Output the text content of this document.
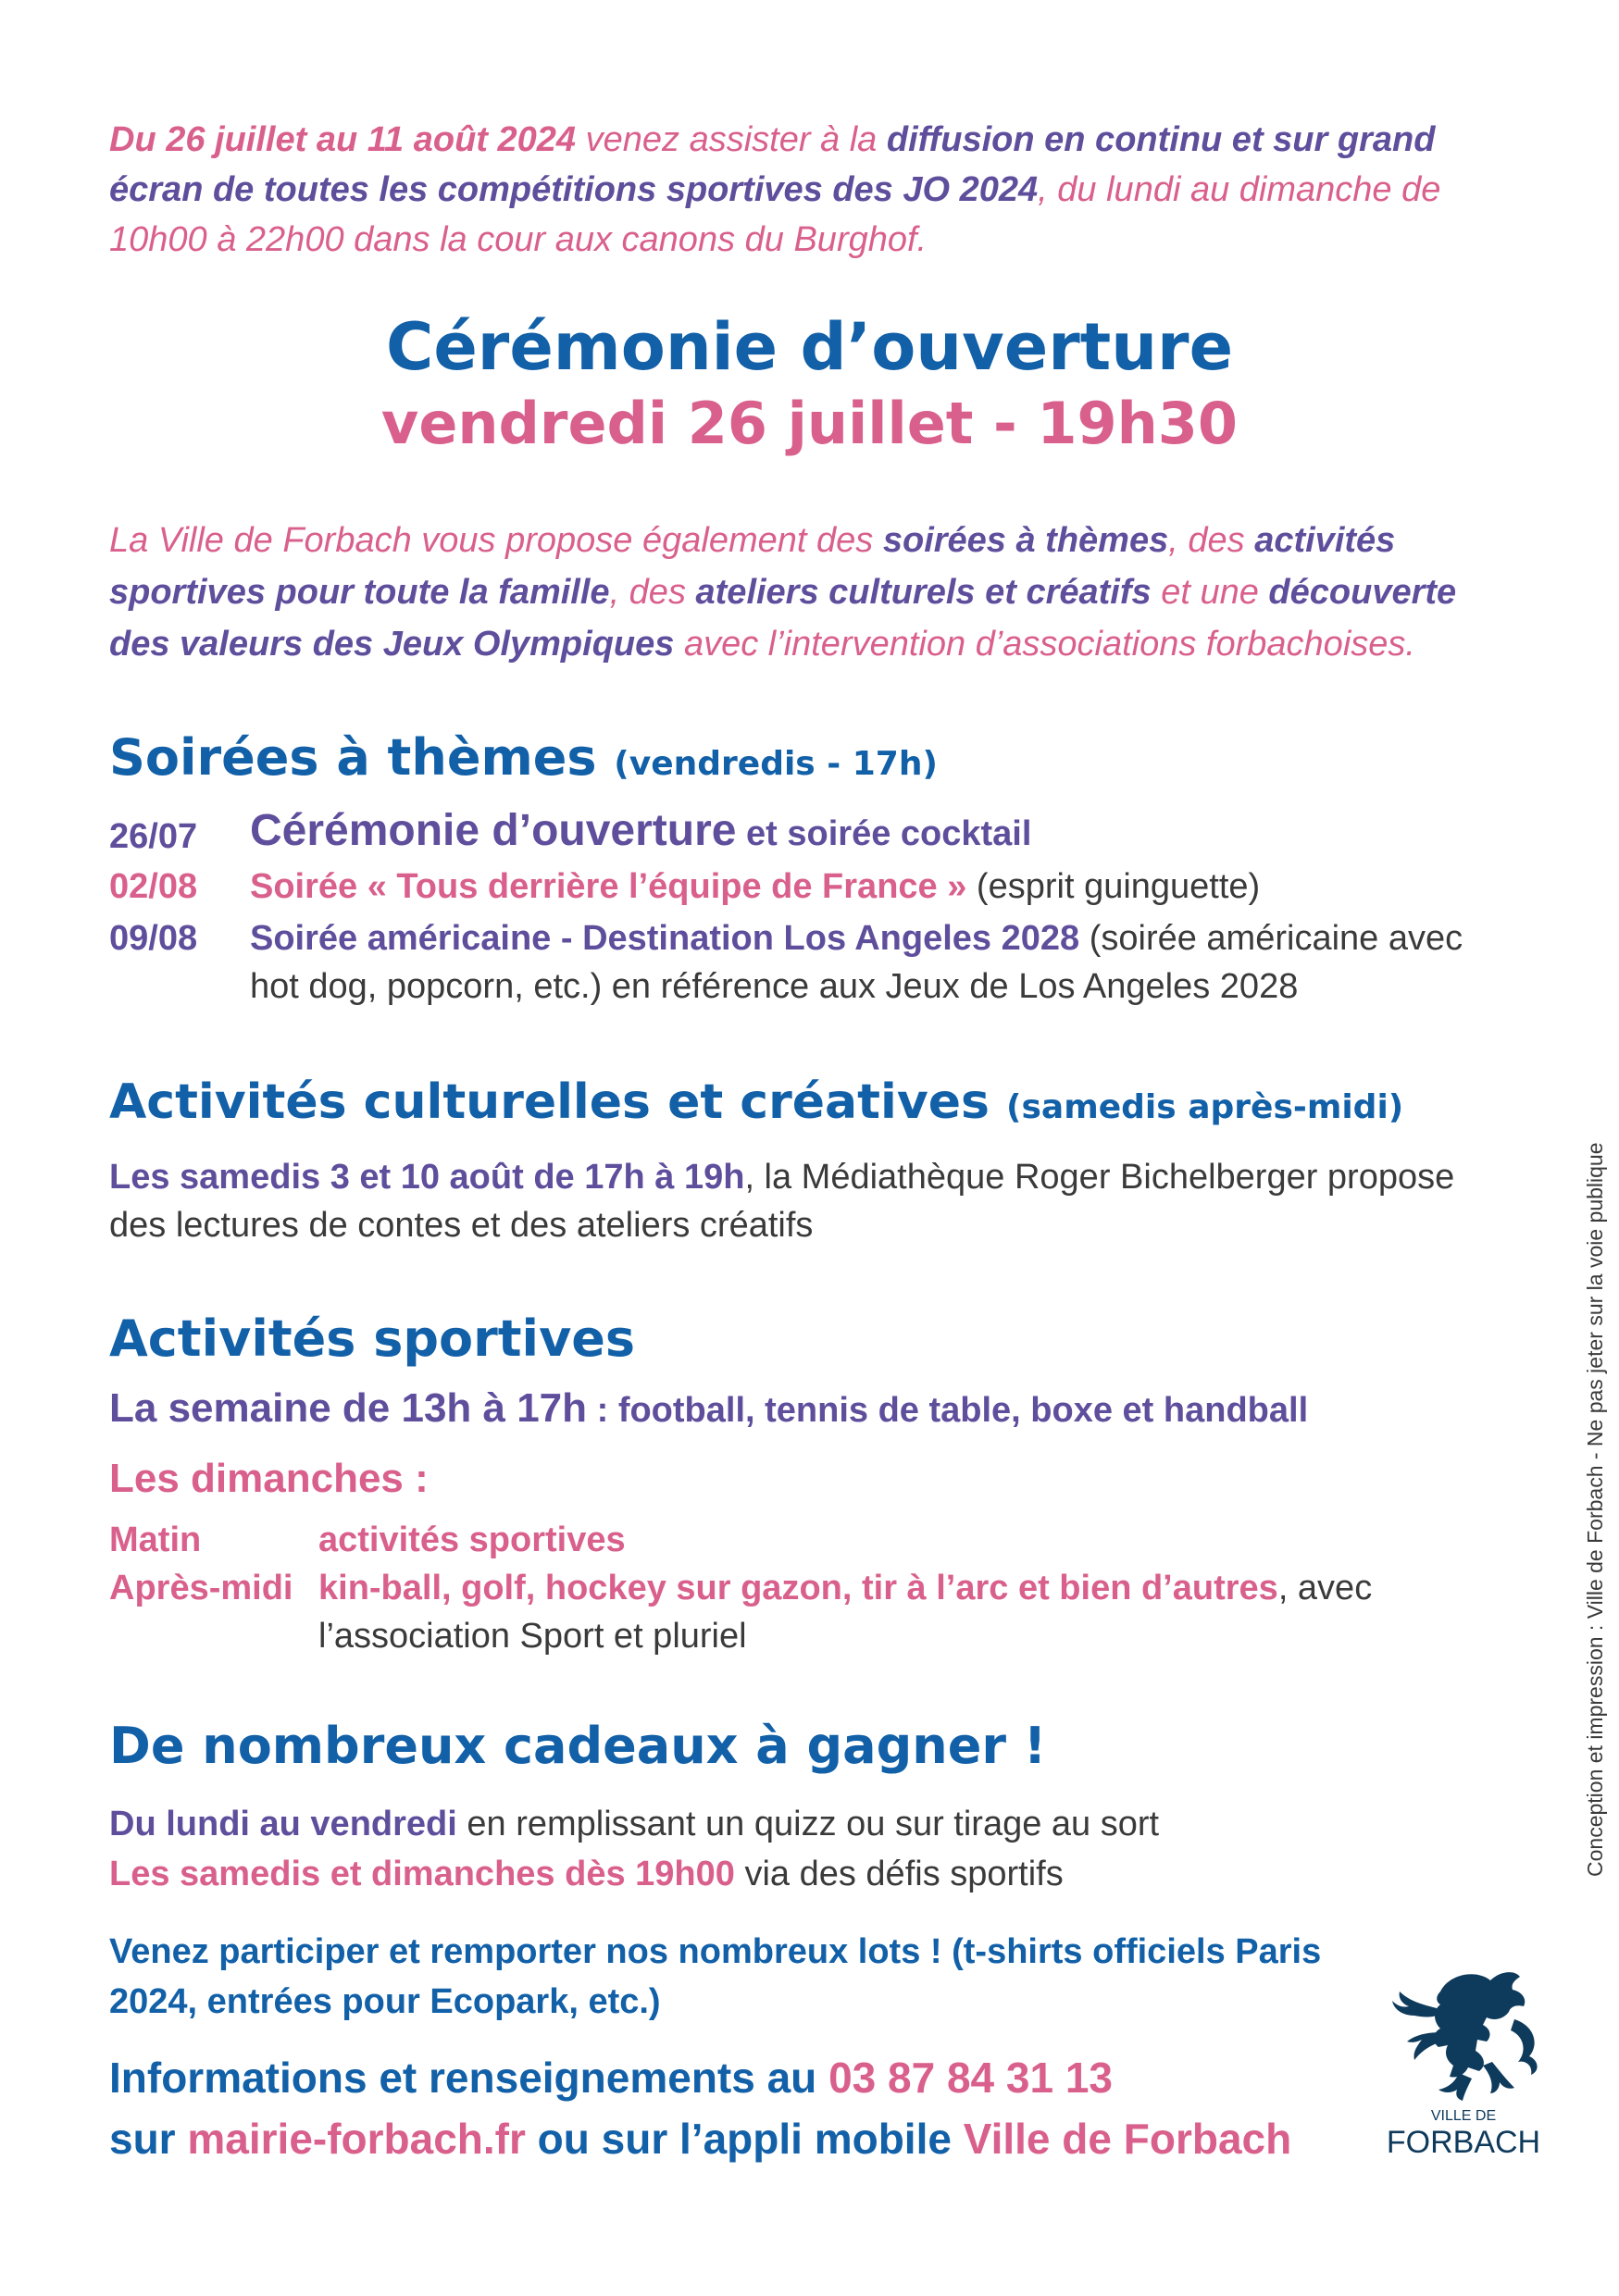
Du 26 juillet au 11 août 2024 venez assister à la diffusion en continu et sur grand écran de toutes les compétitions sportives des JO 2024, du lundi au dimanche de 10h00 à 22h00 dans la cour aux canons du Burghof.

Cérémonie d’ouverture
vendredi 26 juillet - 19h30

La Ville de Forbach vous propose également des soirées à thèmes, des activités sportives pour toute la famille, des ateliers culturels et créatifs et une découverte des valeurs des Jeux Olympiques avec l’intervention d’associations forbachoises.

Soirées à thèmes (vendredis - 17h)
26/07	Cérémonie d’ouverture et soirée cocktail
02/08	Soirée « Tous derrière l’équipe de France » (esprit guinguette)
09/08	Soirée américaine - Destination Los Angeles 2028 (soirée américaine avec hot dog, popcorn, etc.) en référence aux Jeux de Los Angeles 2028
Activités culturelles et créatives (samedis après-midi)

Les samedis 3 et 10 août de 17h à 19h, la Médiathèque Roger Bichelberger propose des lectures de contes et des ateliers créatifs

Activités sportives

La semaine de 13h à 17h : football, tennis de table, boxe et handball

Les dimanches :

Matin	activités sportives
Après-midi kin-ball, golf, hockey sur gazon, tir à l’arc et bien d’autres, avec l’association Sport et pluriel
De nombreux cadeaux à gagner !

Du lundi au vendredi en remplissant un quizz ou sur tirage au sort
Les samedis et dimanches dès 19h00 via des défis sportifs

Venez participer et remporter nos nombreux lots ! (t-shirts officiels Paris 2024, entrées pour Ecopark, etc.)

Informations et renseignements au 03 87 84 31 13
sur mairie-forbach.fr ou sur l’appli mobile Ville de Forbach

Conception et impression : Ville de Forbach - Ne pas jeter sur la voie publique
VILLE DE
FORBACH
